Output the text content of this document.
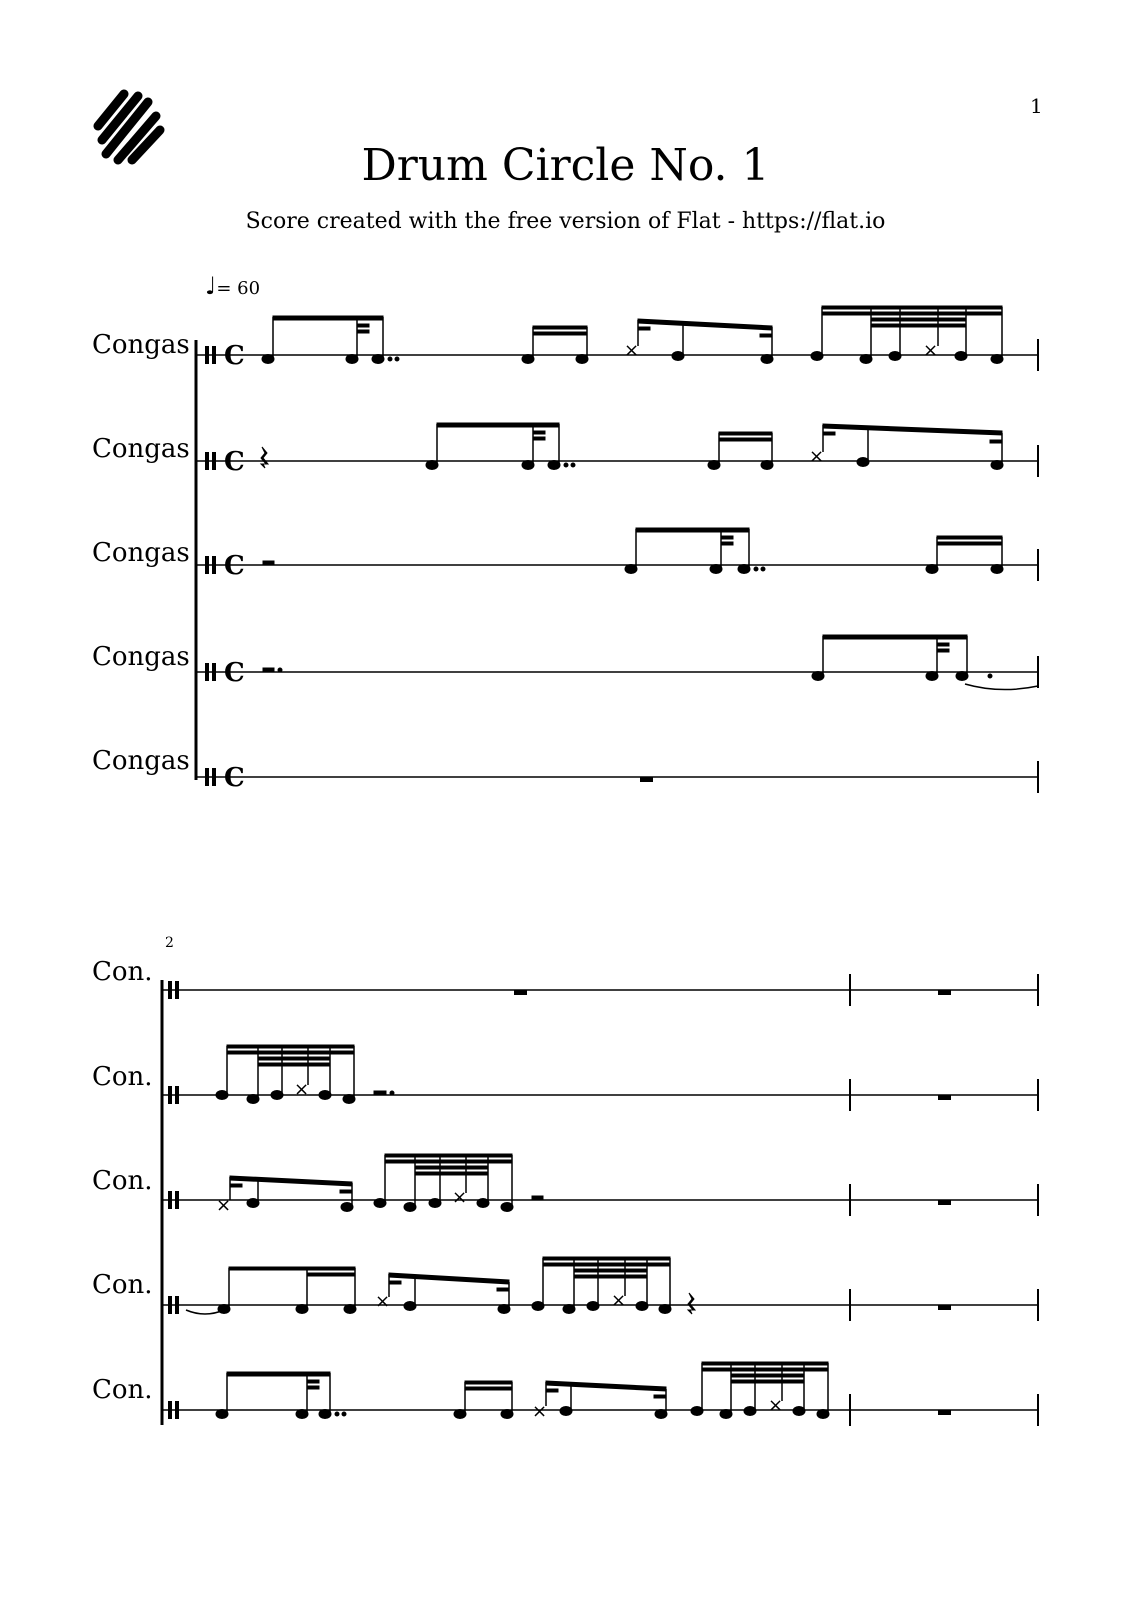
1
Drum Circle No. 1
Score created with the free version of Flat - https://flat.io
♩= 60
Congas
Congas
Congas
Congas
Congas
2
Con.
Con.
Con.
Con.
Con.
C
C
C
C
C
×	×
×
×
×	×
×	×
×	×
